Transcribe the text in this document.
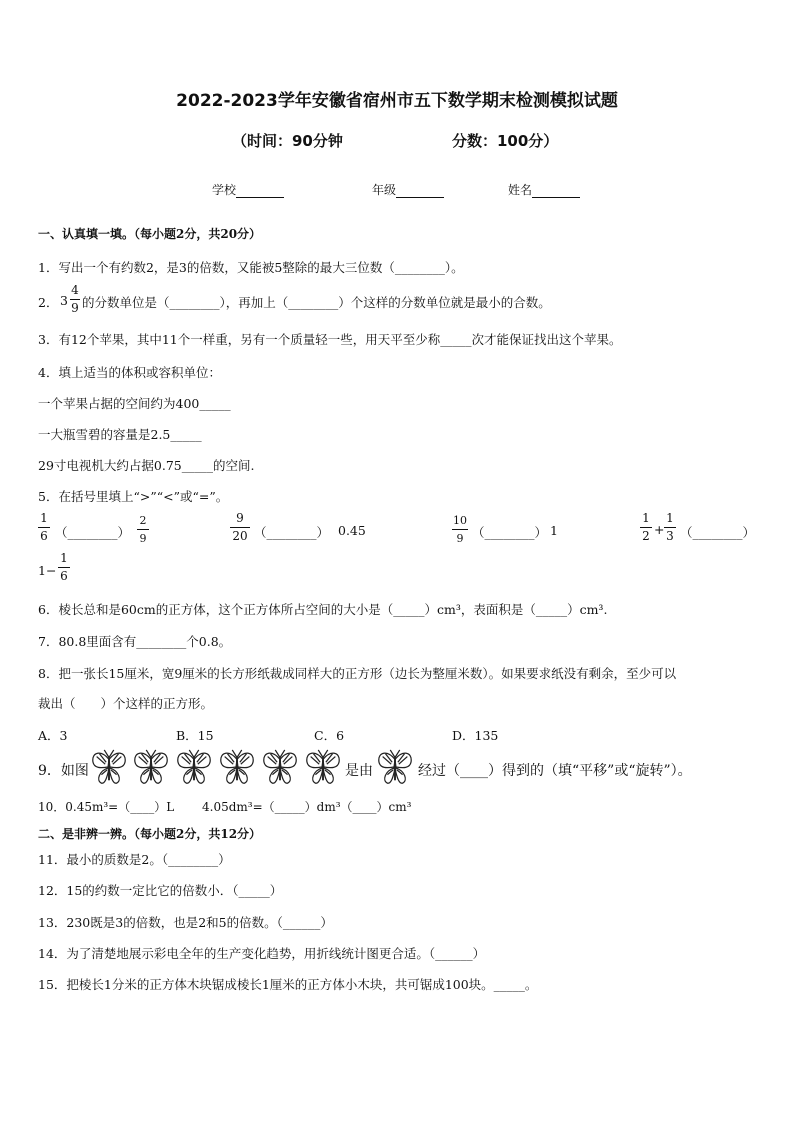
2022-2023学年安徽省宿州市五下数学期末检测模拟试题
（时间：90分钟	分数：100分）
学校	年级	姓名
一、认真填一填。（每小题2分，共20分）
1．写出一个有约数2，是3的倍数，又能被5整除的最大三位数（________）。
2． 3
4
9 的分数单位是（________），再加上（________）个这样的分数单位就是最小的合数。
3．有12个苹果，其中11个一样重，另有一个质量轻一些，用天平至少称_____次才能保证找出这个苹果。
4．填上适当的体积或容积单位：
一个苹果占据的空间约为400_____
一大瓶雪碧的容量是2.5_____
29寸电视机大约占据0.75_____的空间.
5．在括号里填上“>”“<”或“=”。
1
6 （________）
2
9
9
20 （________） 0.45
10
9 （________） 1
1
2 +
1
3 （________）
1−
1
6
6．棱长总和是60cm的正方体，这个正方体所占空间的大小是（_____）cm³，表面积是（_____）cm³.
7．80.8里面含有________个0.8。
8．把一张长15厘米，宽9厘米的长方形纸裁成同样大的正方形（边长为整厘米数）。如果要求纸没有剩余，至少可以
裁出（　　）个这样的正方形。
A．3	B．15	C．6	D．135
9．如图	是由	经过（____）得到的（填“平移”或“旋转”）。
10．0.45m³=（____）L　　 4.05dm³=（_____）dm³（____）cm³
二、是非辨一辨。（每小题2分，共12分）
11．最小的质数是2。（________）
12．15的约数一定比它的倍数小．（_____）
13．230既是3的倍数，也是2和5的倍数。（______）
14．为了清楚地展示彩电全年的生产变化趋势，用折线统计图更合适。（______）
15．把棱长1分米的正方体木块锯成棱长1厘米的正方体小木块，共可锯成100块。_____。
